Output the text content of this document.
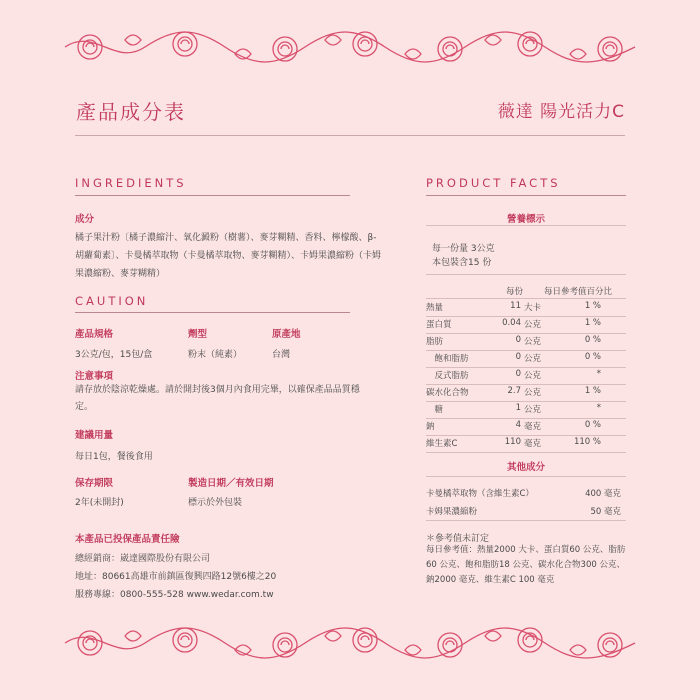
產品成分表	薇達 陽光活力C
INGREDIENTS
成分
橘子果汁粉〔橘子濃縮汁、氧化澱粉（樹薯）、麥芽糊精、香料、檸檬酸、β-胡蘿蔔素〕、卡曼橘萃取物（卡曼橘萃取物、麥芽糊精）、卡姆果濃縮粉（卡姆果濃縮粉、麥芽糊精）
CAUTION
產品規格	劑型	原產地
3公克/包，15包/盒	粉末（純素）	台灣
注意事項
請存放於陰涼乾燥處。請於開封後3個月內食用完畢，以確保產品品質穩定。
建議用量
每日1包，餐後食用
保存期限	製造日期／有效日期
2年(未開封)	標示於外包裝
本產品已投保產品責任險
總經銷商：崴達國際股份有限公司
地址：80661高雄市前鎮區復興四路12號6樓之20
服務專線：0800-555-528 www.wedar.com.tw
PRODUCT FACTS
營養標示
每一份量 3公克
本包裝含15 份
每份 每日參考值百分比
熱量	11 大卡	1 %
蛋白質	0.04 公克	1 %
脂肪	0 公克	0 %
　飽和脂肪	0 公克	0 %
　反式脂肪	0 公克	*
碳水化合物	2.7 公克	1 %
　糖	1 公克	*
鈉	4 毫克	0 %
維生素C	110 毫克	110 %
其他成分
卡曼橘萃取物（含維生素C）	400 毫克
卡姆果濃縮粉	50 毫克
＊參考值未訂定
每日參考值：熱量2000 大卡、蛋白質60 公克、脂肪60 公克、飽和脂肪18 公克、碳水化合物300 公克、鈉2000 毫克、維生素C 100 毫克
